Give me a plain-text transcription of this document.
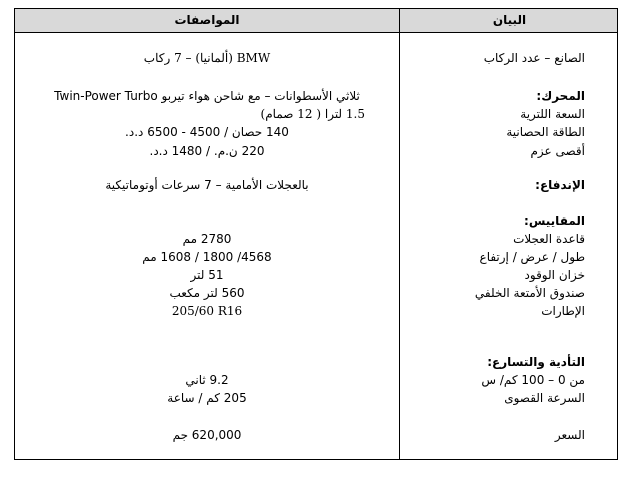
المواصفات	البيان
الصانع – عدد الركاب
المحرك:
السعة اللترية
الطاقة الحصانية
أقصى عزم
الإندفاع:
المقاييس:
قاعدة العجلات
طول / عرض / إرتفاع
خزان الوقود
صندوق الأمتعة الخلفي
الإطارات
التأدية والتسارع:
من 0 – 100 كم/ س
السرعة القصوى
السعر
BMW (ألمانيا) – 7 ركاب
ثلاثي الأسطوانات – مع شاحن هواء تيربو Twin-Power Turbo
1.5 لترا ( 12 صمام)
140 حصان / 4500 - 6500 د.د.
220 ن.م. / 1480 د.د.
بالعجلات الأمامية – 7 سرعات أوتوماتيكية
2780 مم
4568/ 1800 / 1608 مم
51 لتر
560 لتر مكعب
205/60 R16
9.2 ثاني
205 كم / ساعة
620,000 جم
